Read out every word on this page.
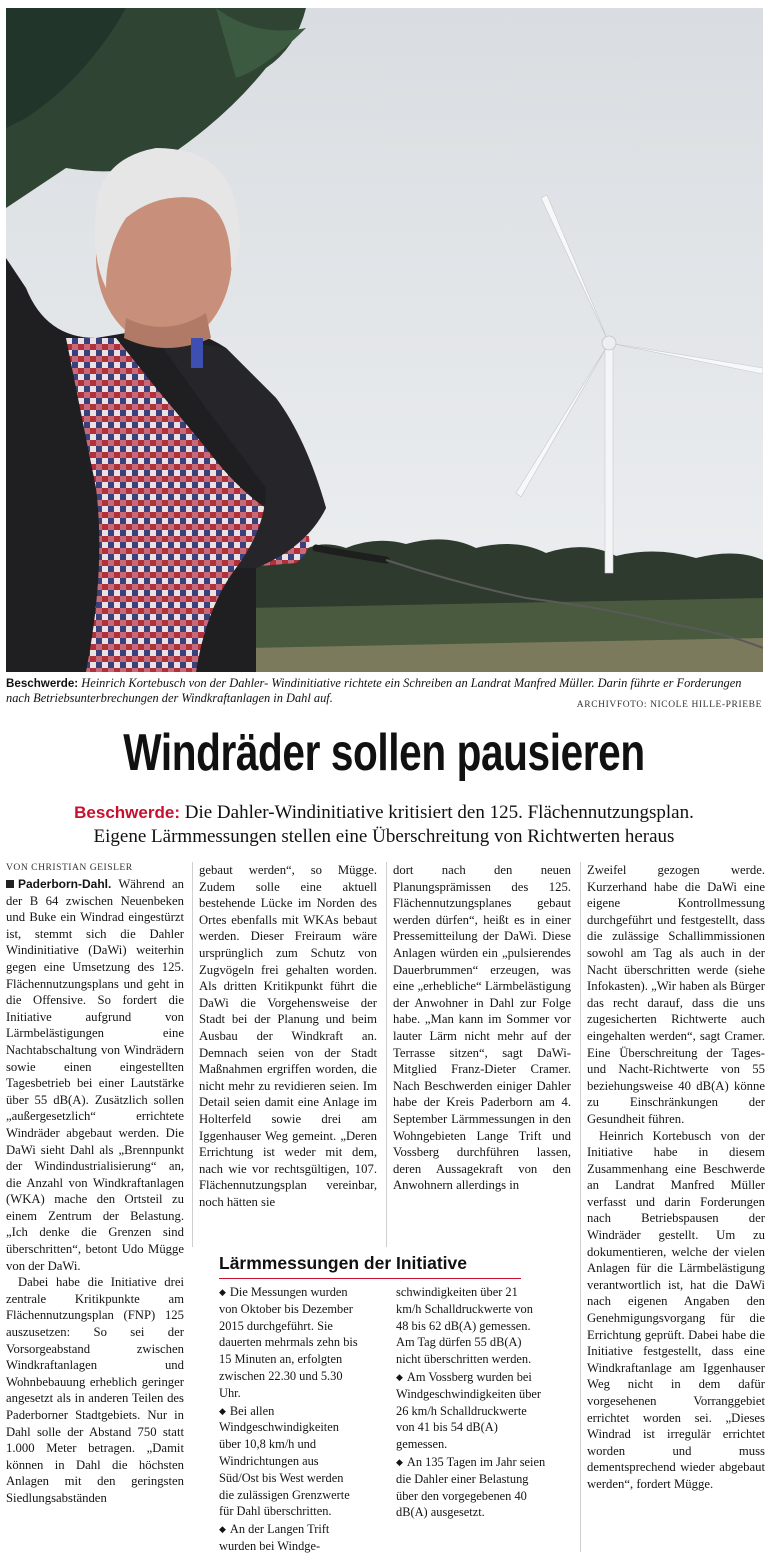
Beschwerde: Heinrich Kortebusch von der Dahler- Windinitiative richtete ein Schreiben an Landrat Manfred Müller. Darin führte er Forderungen nach Betriebsunterbrechungen der Windkraftanlagen in Dahl auf.	ARCHIVFOTO: NICOLE HILLE-PRIEBE
Windräder sollen pausieren
Beschwerde: Die Dahler-Windinitiative kritisiert den 125. Flächennutzungsplan.
Eigene Lärmmessungen stellen eine Überschreitung von Richtwerten heraus
VON CHRISTIAN GEISLER

Paderborn-Dahl. Während an der B 64 zwischen Neuenbeken und Buke ein Windrad eingestürzt ist, stemmt sich die Dahler Windinitiative (DaWi) weiterhin gegen eine Umsetzung des 125. Flächennutzungsplans und geht in die Offensive. So fordert die Initiative aufgrund von Lärmbelästigungen eine Nachtabschaltung von Windrädern sowie einen eingestellten Tagesbetrieb bei einer Lautstärke über 55 dB(A). Zusätzlich sollen „außergesetzlich“ errichtete Windräder abgebaut werden. Die DaWi sieht Dahl als „Brennpunkt der Windindustrialisierung“ an, die Anzahl von Windkraftanlagen (WKA) mache den Ortsteil zu einem Zentrum der Belastung. „Ich denke die Grenzen sind überschritten“, betont Udo Mügge von der DaWi.

Dabei habe die Initiative drei zentrale Kritikpunkte am Flächennutzungsplan (FNP) 125 auszusetzen: So sei der Vorsorgeabstand zwischen Windkraftanlagen und Wohnbebauung erheblich geringer angesetzt als in anderen Teilen des Paderborner Stadtgebiets. Nur in Dahl solle der Abstand 750 statt 1.000 Meter betragen. „Damit können in Dahl die höchsten Anlagen mit den geringsten Siedlungsabständen

gebaut werden“, so Mügge. Zudem solle eine aktuell bestehende Lücke im Norden des Ortes ebenfalls mit WKAs bebaut werden. Dieser Freiraum wäre ursprünglich zum Schutz von Zugvögeln frei gehalten worden. Als dritten Kritikpunkt führt die DaWi die Vorgehensweise der Stadt bei der Planung und beim Ausbau der Windkraft an. Demnach seien von der Stadt Maßnahmen ergriffen worden, die nicht mehr zu revidieren seien. Im Detail seien damit eine Anlage im Holterfeld sowie drei am Iggenhauser Weg gemeint. „Deren Errichtung ist weder mit dem, nach wie vor rechtsgültigen, 107. Flächennutzungsplan vereinbar, noch hätten sie

dort nach den neuen Planungsprämissen des 125. Flächennutzungsplanes gebaut werden dürfen“, heißt es in einer Pressemitteilung der DaWi. Diese Anlagen würden ein „pulsierendes Dauerbrummen“ erzeugen, was eine „erhebliche“ Lärmbelästigung der Anwohner in Dahl zur Folge habe. „Man kann im Sommer vor lauter Lärm nicht mehr auf der Terrasse sitzen“, sagt DaWi-Mitglied Franz-Dieter Cramer. Nach Beschwerden einiger Dahler habe der Kreis Paderborn am 4. September Lärmmessungen in den Wohngebieten Lange Trift und Vossberg durchführen lassen, deren Aussagekraft von den Anwohnern allerdings in

Zweifel gezogen werde. Kurzerhand habe die DaWi eine eigene Kontrollmessung durchgeführt und festgestellt, dass die zulässige Schallimmissionen sowohl am Tag als auch in der Nacht überschritten werde (siehe Infokasten). „Wir haben als Bürger das recht darauf, dass die uns zugesicherten Richtwerte auch eingehalten werden“, sagt Cramer. Eine Überschreitung der Tages- und Nacht-Richtwerte von 55 beziehungsweise 40 dB(A) könne zu Einschränkungen der Gesundheit führen.

Heinrich Kortebusch von der Initiative habe in diesem Zusammenhang eine Beschwerde an Landrat Manfred Müller verfasst und darin Forderungen nach Betriebspausen der Windräder gestellt. Um zu dokumentieren, welche der vielen Anlagen für die Lärmbelästigung verantwortlich ist, hat die DaWi nach eigenen Angaben den Genehmigungsvorgang für die Errichtung geprüft. Dabei habe die Initiative festgestellt, dass eine Windkraftanlage am Iggenhauser Weg nicht in dem dafür vorgesehenen Vorranggebiet errichtet worden sei. „Dieses Windrad ist irregulär errichtet worden und muss dementsprechend wieder abgebaut werden“, fordert Mügge.

Lärmmessungen der Initiative

◆ Die Messungen wurden von Oktober bis Dezember 2015 durchgeführt. Sie dauerten mehrmals zehn bis 15 Minuten an, erfolgten zwischen 22.30 und 5.30 Uhr.

◆ Bei allen Windgeschwindigkeiten über 10,8 km/h und Windrichtungen aus Süd/Ost bis West werden die zulässigen Grenzwerte für Dahl überschritten.

◆ An der Langen Trift wurden bei Windge-

schwindigkeiten über 21 km/h Schalldruckwerte von 48 bis 62 dB(A) gemessen. Am Tag dürfen 55 dB(A) nicht überschritten werden.

◆ Am Vossberg wurden bei Windgeschwindigkeiten über 26 km/h Schalldruckwerte von 41 bis 54 dB(A) gemessen.

◆ An 135 Tagen im Jahr seien die Dahler einer Belastung über den vorgegebenen 40 dB(A) ausgesetzt.
